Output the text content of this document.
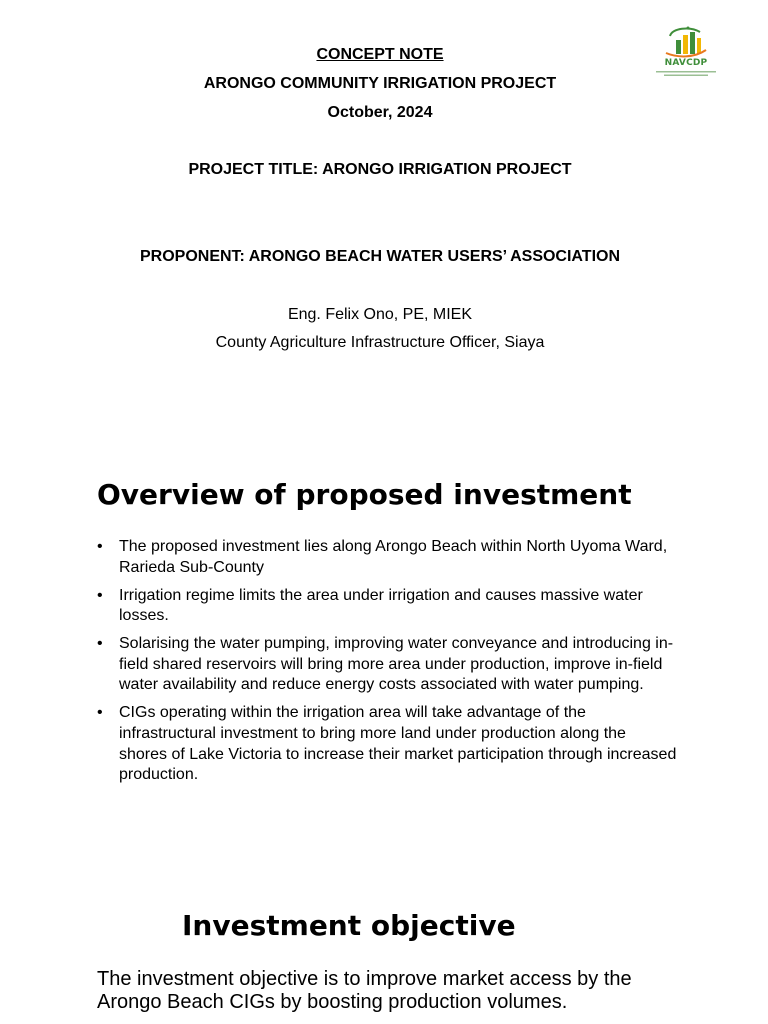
CONCEPT NOTE
ARONGO COMMUNITY IRRIGATION PROJECT
October, 2024
PROJECT TITLE: ARONGO IRRIGATION PROJECT
PROPONENT: ARONGO BEACH WATER USERS’ ASSOCIATION
Eng. Felix Ono, PE, MIEK
County Agriculture Infrastructure Officer, Siaya
NAVCDP
Overview of proposed investment
• The proposed investment lies along Arongo Beach within North Uyoma Ward, Rarieda Sub-County
• Irrigation regime limits the area under irrigation and causes massive water losses.
• Solarising the water pumping, improving water conveyance and introducing in-field shared reservoirs will bring more area under production, improve in-field water availability and reduce energy costs associated with water pumping.
• CIGs operating within the irrigation area will take advantage of the infrastructural investment to bring more land under production along the shores of Lake Victoria to increase their market participation through increased production.
Investment objective
The investment objective is to improve market access by the Arongo Beach CIGs by boosting production volumes.
